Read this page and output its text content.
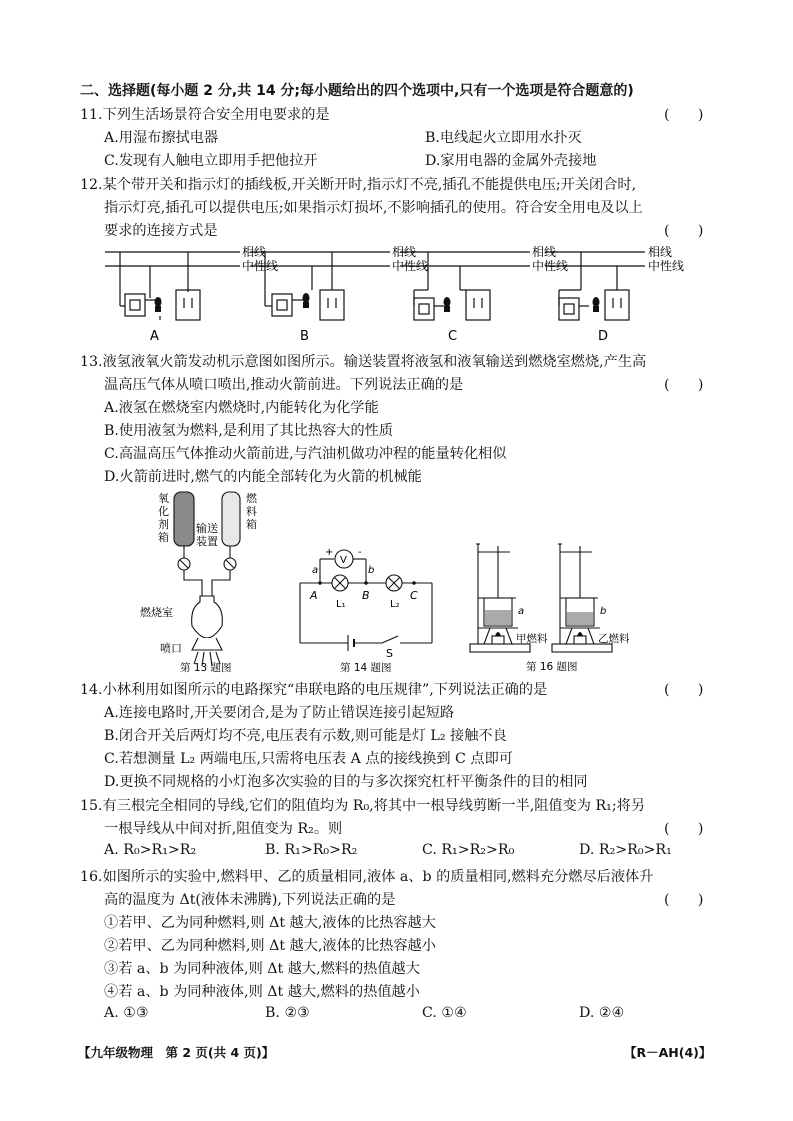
二、选择题(每小题 2 分,共 14 分;每小题给出的四个选项中,只有一个选项是符合题意的)
11.下列生活场景符合安全用电要求的是	(　　)
A.用湿布擦拭电器	B.电线起火立即用水扑灭
C.发现有人触电立即用手把他拉开	D.家用电器的金属外壳接地
12.某个带开关和指示灯的插线板,开关断开时,指示灯不亮,插孔不能提供电压;开关闭合时,
指示灯亮,插孔可以提供电压;如果指示灯损坏,不影响插孔的使用。符合安全用电及以上
要求的连接方式是	(　　)
相线
中性线
相线
中性线
相线
中性线
相线
中性线
A	B	C	D
13.液氢液氧火箭发动机示意图如图所示。输送装置将液氢和液氧输送到燃烧室燃烧,产生高
温高压气体从喷口喷出,推动火箭前进。下列说法正确的是	(　　)
A.液氢在燃烧室内燃烧时,内能转化为化学能
B.使用液氢为燃料,是利用了其比热容大的性质
C.高温高压气体推动火箭前进,与汽油机做功冲程的能量转化相似
D.火箭前进时,燃气的内能全部转化为火箭的机械能
氧化剂箱
燃料箱
输送装置
燃烧室
喷口
第 13 题图
V
+ -
a	b
A	B	C
L₁	L₂
S
第 14 题图
a	b
甲燃料	乙燃料
第 16 题图
14.小林利用如图所示的电路探究“串联电路的电压规律”,下列说法正确的是	(　　)
A.连接电路时,开关要闭合,是为了防止错误连接引起短路
B.闭合开关后两灯均不亮,电压表有示数,则可能是灯 L₂ 接触不良
C.若想测量 L₂ 两端电压,只需将电压表 A 点的接线换到 C 点即可
D.更换不同规格的小灯泡多次实验的目的与多次探究杠杆平衡条件的目的相同
15.有三根完全相同的导线,它们的阻值均为 R₀,将其中一根导线剪断一半,阻值变为 R₁;将另
一根导线从中间对折,阻值变为 R₂。则	(　　)
A. R₀>R₁>R₂	B. R₁>R₀>R₂	C. R₁>R₂>R₀	D. R₂>R₀>R₁
16.如图所示的实验中,燃料甲、乙的质量相同,液体 a、b 的质量相同,燃料充分燃尽后液体升
高的温度为 Δt(液体未沸腾),下列说法正确的是	(　　)
①若甲、乙为同种燃料,则 Δt 越大,液体的比热容越大
②若甲、乙为同种燃料,则 Δt 越大,液体的比热容越小
③若 a、b 为同种液体,则 Δt 越大,燃料的热值越大
④若 a、b 为同种液体,则 Δt 越大,燃料的热值越小
A. ①③	B. ②③	C. ①④	D. ②④
【九年级物理　第 2 页(共 4 页)】	【R－AH(4)】
